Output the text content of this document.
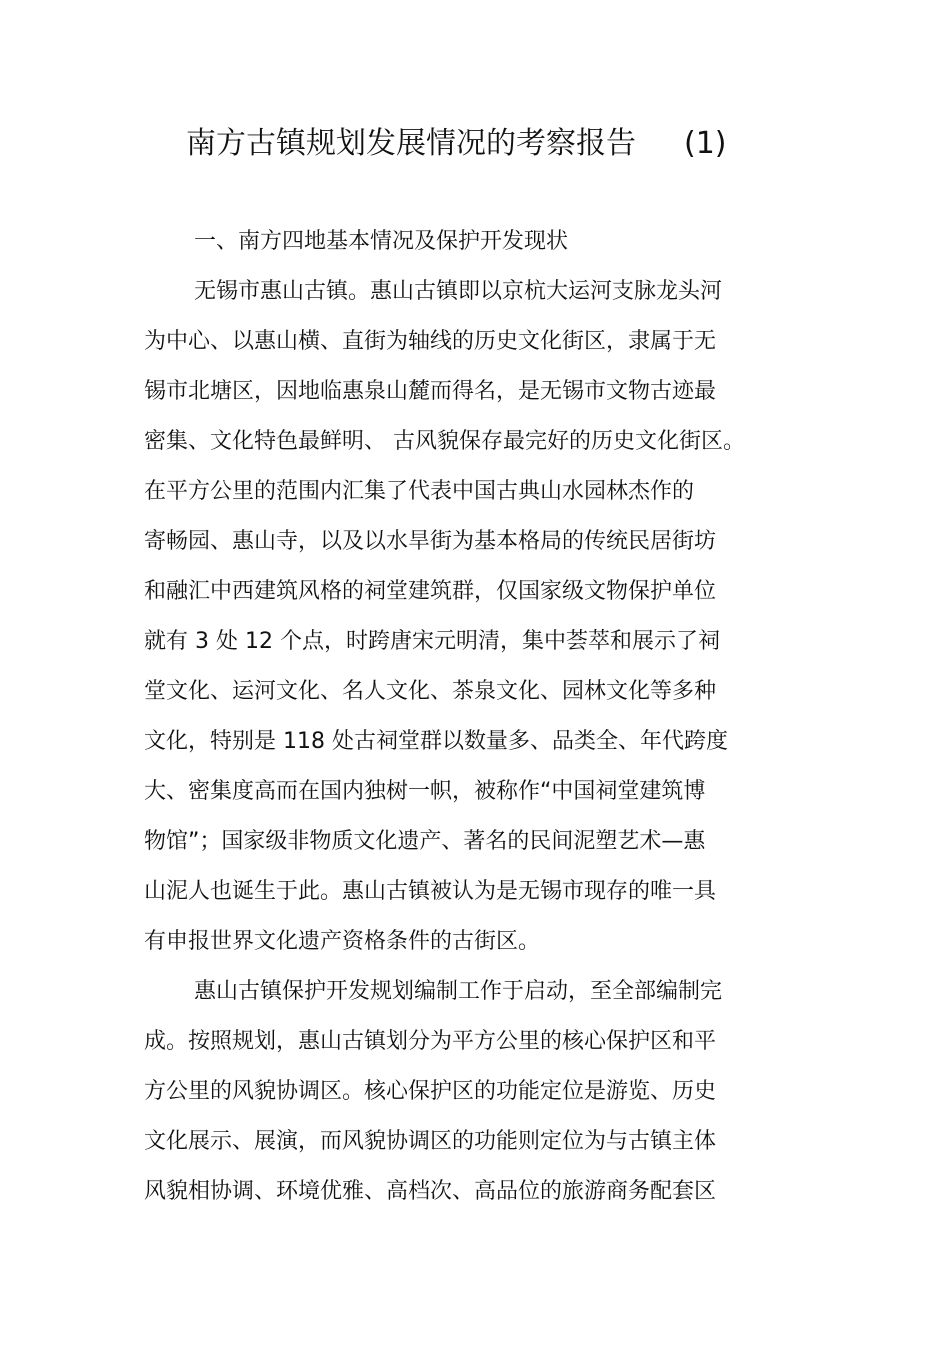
南方古镇规划发展情况的考察报告 (1)
一、南方四地基本情况及保护开发现状
无锡市惠山古镇。惠山古镇即以京杭大运河支脉龙头河
为中心、以惠山横、直街为轴线的历史文化街区，隶属于无
锡市北塘区，因地临惠泉山麓而得名，是无锡市文物古迹最
密集、文化特色最鲜明、 古风貌保存最完好的历史文化街区。
在平方公里的范围内汇集了代表中国古典山水园林杰作的
寄畅园、惠山寺，以及以水旱街为基本格局的传统民居街坊
和融汇中西建筑风格的祠堂建筑群，仅国家级文物保护单位
就有 3 处 12 个点，时跨唐宋元明清，集中荟萃和展示了祠
堂文化、运河文化、名人文化、茶泉文化、园林文化等多种
文化，特别是 118 处古祠堂群以数量多、品类全、年代跨度
大、密集度高而在国内独树一帜，被称作“中国祠堂建筑博
物馆”；国家级非物质文化遗产、著名的民间泥塑艺术—惠
山泥人也诞生于此。惠山古镇被认为是无锡市现存的唯一具
有申报世界文化遗产资格条件的古街区。
惠山古镇保护开发规划编制工作于启动，至全部编制完
成。按照规划，惠山古镇划分为平方公里的核心保护区和平
方公里的风貌协调区。核心保护区的功能定位是游览、历史
文化展示、展演，而风貌协调区的功能则定位为与古镇主体
风貌相协调、环境优雅、高档次、高品位的旅游商务配套区
